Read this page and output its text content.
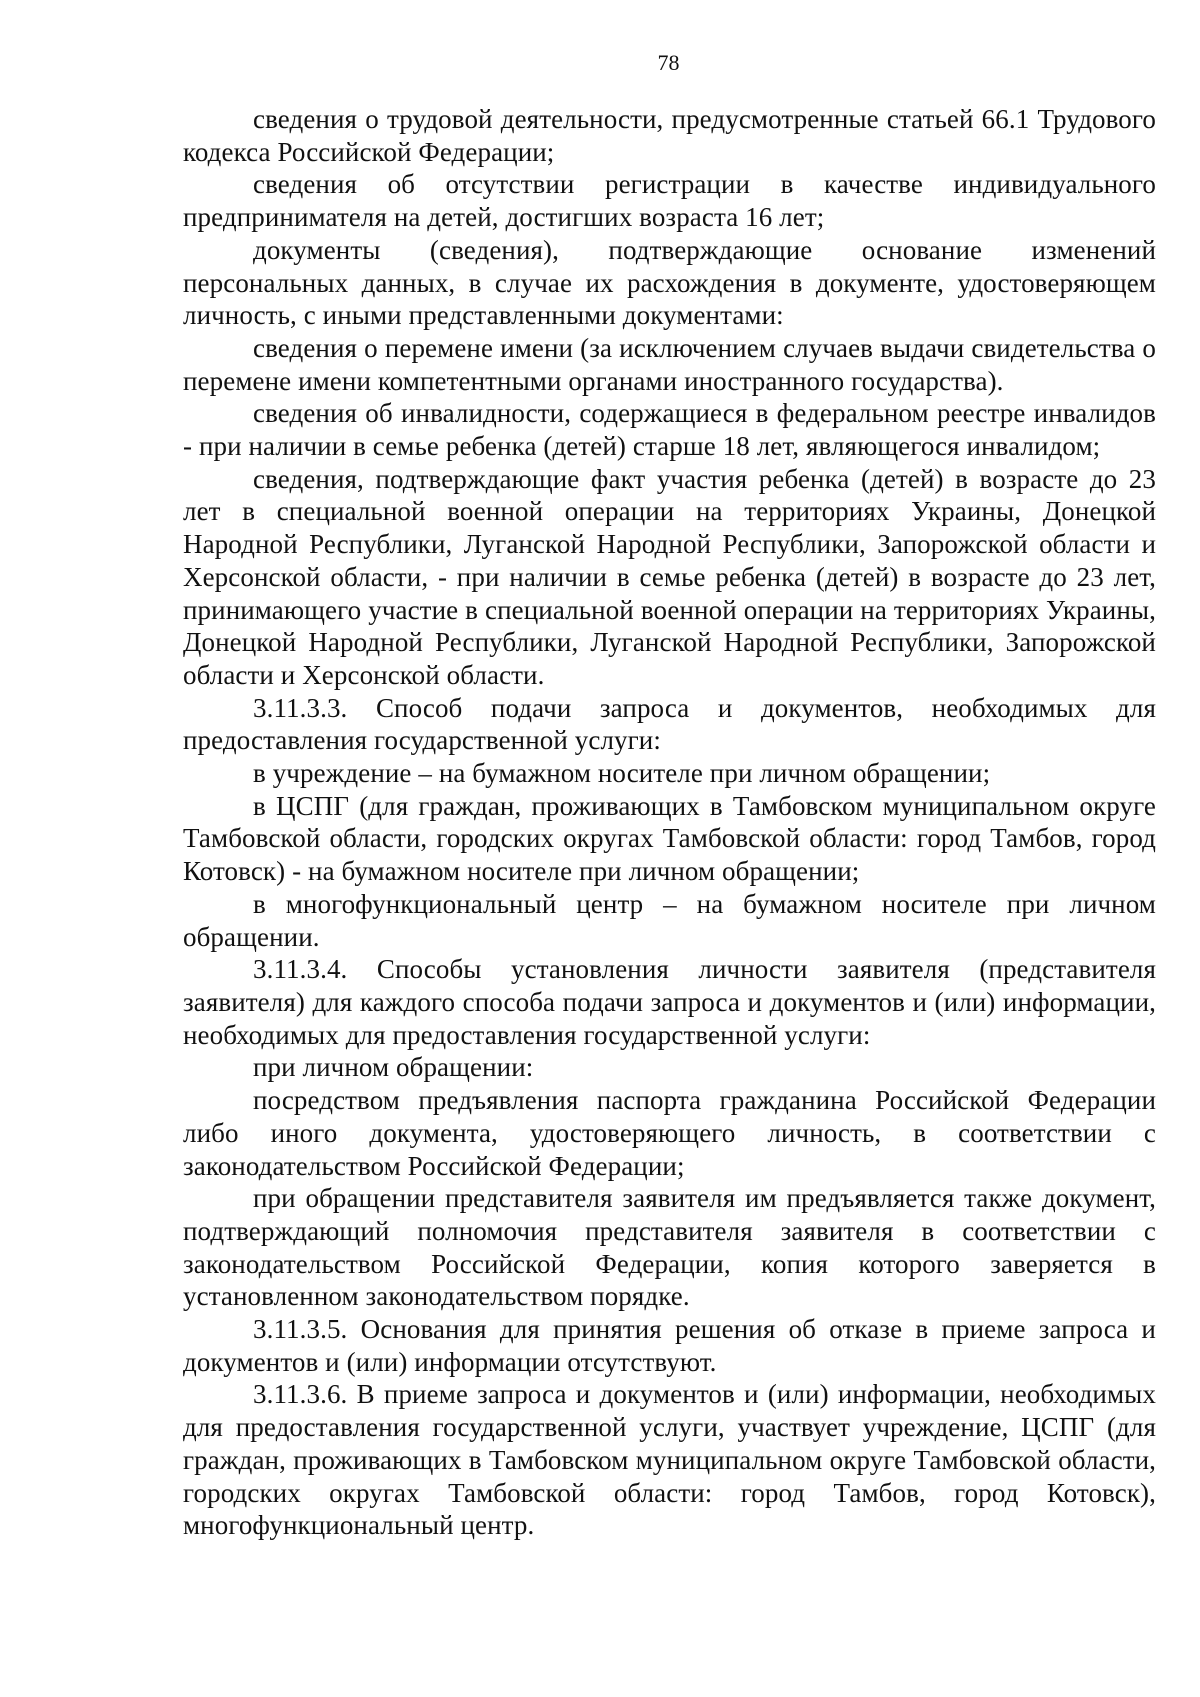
78

сведения о трудовой деятельности, предусмотренные статьей 66.1 Трудового кодекса Российской Федерации;

сведения об отсутствии регистрации в качестве индивидуального предпринимателя на детей, достигших возраста 16 лет;

документы (сведения), подтверждающие основание изменений персональных данных, в случае их расхождения в документе, удостоверяющем личность, с иными представленными документами:

сведения о перемене имени (за исключением случаев выдачи свидетельства о перемене имени компетентными органами иностранного государства).

сведения об инвалидности, содержащиеся в федеральном реестре инвалидов - при наличии в семье ребенка (детей) старше 18 лет, являющегося инвалидом;

сведения, подтверждающие факт участия ребенка (детей) в возрасте до 23 лет в специальной военной операции на территориях Украины, Донецкой Народной Республики, Луганской Народной Республики, Запорожской области и Херсонской области, - при наличии в семье ребенка (детей) в возрасте до 23 лет, принимающего участие в специальной военной операции на территориях Украины, Донецкой Народной Республики, Луганской Народной Республики, Запорожской области и Херсонской области.

3.11.3.3. Способ подачи запроса и документов, необходимых для предоставления государственной услуги:

в учреждение – на бумажном носителе при личном обращении;

в ЦСПГ (для граждан, проживающих в Тамбовском муниципальном округе Тамбовской области, городских округах Тамбовской области: город Тамбов, город Котовск) - на бумажном носителе при личном обращении;

в многофункциональный центр – на бумажном носителе при личном обращении.

3.11.3.4. Способы установления личности заявителя (представителя заявителя) для каждого способа подачи запроса и документов и (или) информации, необходимых для предоставления государственной услуги:

при личном обращении:

посредством предъявления паспорта гражданина Российской Федерации либо иного документа, удостоверяющего личность, в соответствии с законодательством Российской Федерации;

при обращении представителя заявителя им предъявляется также документ, подтверждающий полномочия представителя заявителя в соответствии с законодательством Российской Федерации, копия которого заверяется в установленном законодательством порядке.

3.11.3.5. Основания для принятия решения об отказе в приеме запроса и документов и (или) информации отсутствуют.

3.11.3.6. В приеме запроса и документов и (или) информации, необходимых для предоставления государственной услуги, участвует учреждение, ЦСПГ (для граждан, проживающих в Тамбовском муниципальном округе Тамбовской области, городских округах Тамбовской области: город Тамбов, город Котовск), многофункциональный центр.
